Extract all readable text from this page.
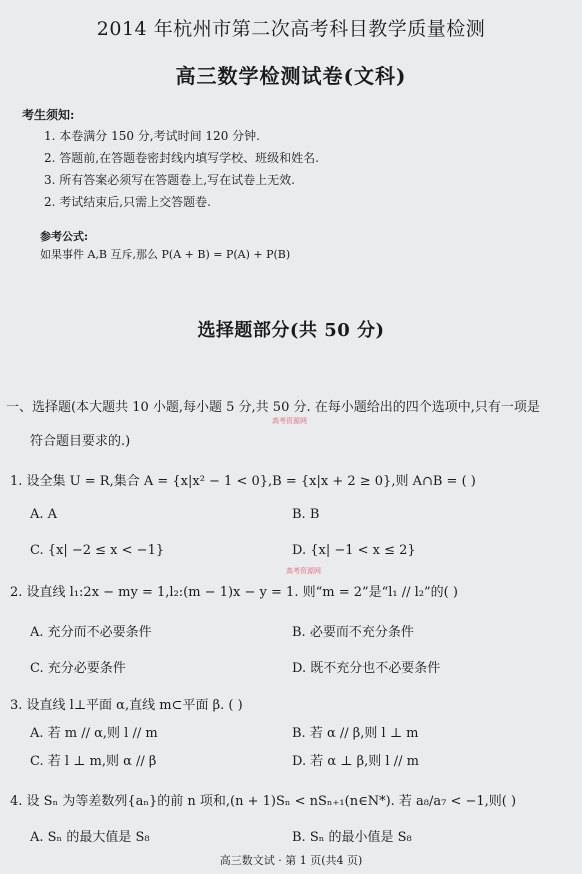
2014 年杭州市第二次高考科目教学质量检测
高三数学检测试卷(文科)
考生须知:
1. 本卷满分 150 分,考试时间 120 分钟.
2. 答题前,在答题卷密封线内填写学校、班级和姓名.
3. 所有答案必须写在答题卷上,写在试卷上无效.
2. 考试结束后,只需上交答题卷.
参考公式:
如果事件 A,B 互斥,那么 P(A + B) = P(A) + P(B)
选择题部分(共 50 分)
一、选择题(本大题共 10 小题,每小题 5 分,共 50 分. 在每小题给出的四个选项中,只有一项是
高考资源网
符合题目要求的.)
1. 设全集 U = R,集合 A = {x|x² − 1 < 0},B = {x|x + 2 ≥ 0},则 A∩B = ( )
A. A	B. B
C. {x| −2 ≤ x < −1}	D. {x| −1 < x ≤ 2}
高考资源网
2. 设直线 l₁:2x − my = 1,l₂:(m − 1)x − y = 1. 则“m = 2”是“l₁ // l₂”的( )
A. 充分而不必要条件	B. 必要而不充分条件
C. 充分必要条件	D. 既不充分也不必要条件
3. 设直线 l⊥平面 α,直线 m⊂平面 β. ( )
A. 若 m // α,则 l // m	B. 若 α // β,则 l ⊥ m
C. 若 l ⊥ m,则 α // β	D. 若 α ⊥ β,则 l // m
4. 设 Sₙ 为等差数列{aₙ}的前 n 项和,(n + 1)Sₙ < nSₙ₊₁(n∈N*). 若 a₈/a₇ < −1,则( )
A. Sₙ 的最大值是 S₈	B. Sₙ 的最小值是 S₈
高三数文试 · 第 1 页(共4 页)
